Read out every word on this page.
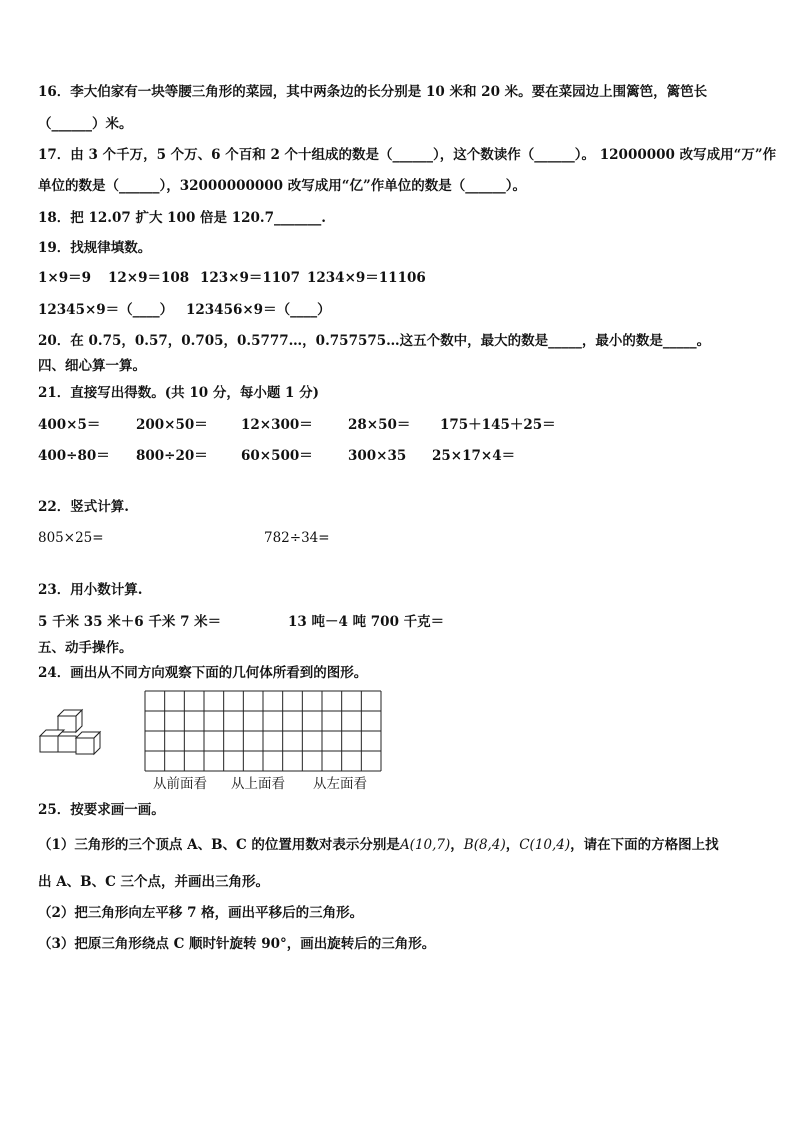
16．李大伯家有一块等腰三角形的菜园，其中两条边的长分别是 10 米和 20 米。要在菜园边上围篱笆，篱笆长
（______）米。
17．由 3 个千万，5 个万、6 个百和 2 个十组成的数是（______），这个数读作（______）。 12000000 改写成用“万”作
单位的数是（______），32000000000 改写成用“亿”作单位的数是（______）。
18．把 12.07 扩大 100 倍是 120.7_______.
19．找规律填数。
1×9＝9 12×9＝108 123×9＝1107 1234×9＝11106
12345×9＝（____） 123456×9＝（____）
20．在 0.75，0.57，0.705，0.5777…，0.757575…这五个数中，最大的数是_____，最小的数是_____。
四、细心算一算。
21．直接写出得数。(共 10 分，每小题 1 分)
400×5＝	200×50＝ 12×300＝	28×50＝ 175＋145＋25＝
400÷80＝ 800÷20＝ 60×500＝	300×35 25×17×4＝
22．竖式计算.
805×25=	782÷34=
23．用小数计算.
5 千米 35 米＋6 千米 7 米＝	13 吨－4 吨 700 千克＝
五、动手操作。
24．画出从不同方向观察下面的几何体所看到的图形。
从前面看 从上面看 从左面看
25．按要求画一画。
（1）三角形的三个顶点 A、B、C 的位置用数对表示分别是A(10,7)，B(8,4)，C(10,4)，请在下面的方格图上找
出 A、B、C 三个点，并画出三角形。
（2）把三角形向左平移 7 格，画出平移后的三角形。
（3）把原三角形绕点 C 顺时针旋转 90°，画出旋转后的三角形。
